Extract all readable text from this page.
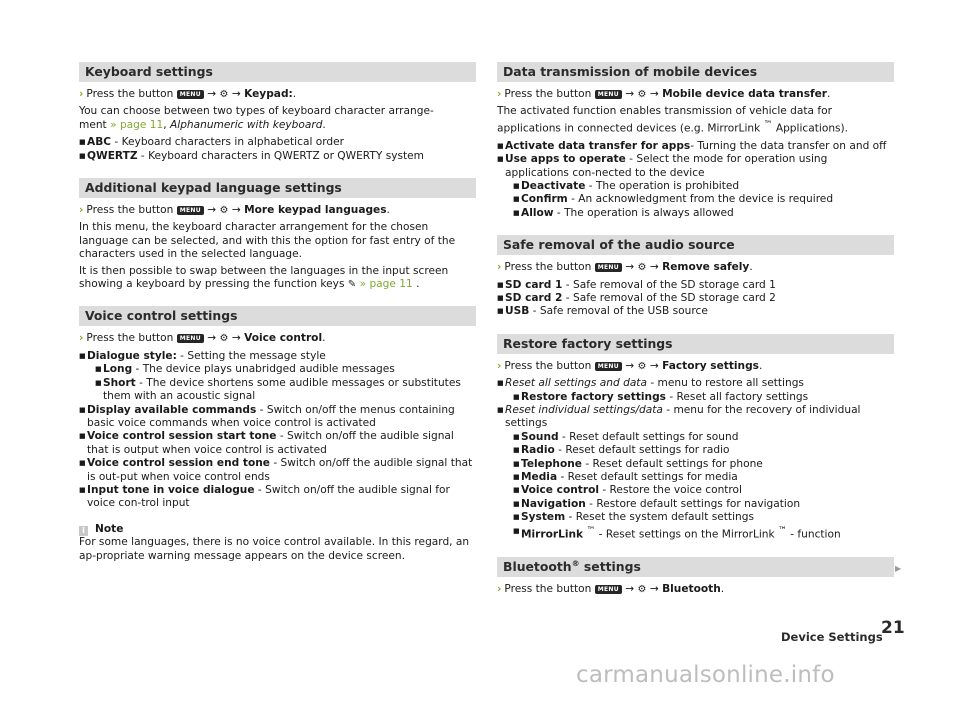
Keyboard settings
› Press the button MENU → ⚙ → Keypad:.

You can choose between two types of keyboard character arrange-
ment » page 11, Alphanumeric with keyboard.

■ ABC - Keyboard characters in alphabetical order
■ QWERTZ - Keyboard characters in QWERTZ or QWERTY system
Additional keypad language settings
› Press the button MENU → ⚙ → More keypad languages.

In this menu, the keyboard character arrangement for the chosen language can be selected, and with this the option for fast entry of the characters used in the selected language.

It is then possible to swap between the languages in the input screen showing a keyboard by pressing the function keys ✎ » page 11 .

Voice control settings
› Press the button MENU → ⚙ → Voice control.
■ Dialogue style: - Setting the message style
■ Long - The device plays unabridged audible messages
■ Short - The device shortens some audible messages or substitutes them with an acoustic signal
■ Display available commands - Switch on/off the menus containing basic voice commands when voice control is activated
■ Voice control session start tone - Switch on/off the audible signal that is output when voice control is activated
■ Voice control session end tone - Switch on/off the audible signal that is out-put when voice control ends
■ Input tone in voice dialogue - Switch on/off the audible signal for voice con-trol input
i Note

For some languages, there is no voice control available. In this regard, an ap-propriate warning message appears on the device screen.

Data transmission of mobile devices
› Press the button MENU → ⚙ → Mobile device data transfer.

The activated function enables transmission of vehicle data for applications in connected devices (e.g. MirrorLink ™ Applications).

■ Activate data transfer for apps- Turning the data transfer on and off
■ Use apps to operate - Select the mode for operation using applications con-nected to the device
■ Deactivate - The operation is prohibited
■ Confirm - An acknowledgment from the device is required
■ Allow - The operation is always allowed
Safe removal of the audio source
› Press the button MENU → ⚙ → Remove safely.
■ SD card 1 - Safe removal of the SD storage card 1
■ SD card 2 - Safe removal of the SD storage card 2
■ USB - Safe removal of the USB source
Restore factory settings
› Press the button MENU → ⚙ → Factory settings.
■ Reset all settings and data - menu to restore all settings
■ Restore factory settings - Reset all factory settings
■ Reset individual settings/data - menu for the recovery of individual settings
■ Sound - Reset default settings for sound
■ Radio - Reset default settings for radio
■ Telephone - Reset default settings for phone
■ Media - Reset default settings for media
■ Voice control - Restore the voice control
■ Navigation - Restore default settings for navigation
■ System - Reset the system default settings
■ MirrorLink ™ - Reset settings on the MirrorLink ™ - function
Bluetooth® settings
› Press the button MENU → ⚙ → Bluetooth.
▶
Device Settings
21
carmanualsonline.info
